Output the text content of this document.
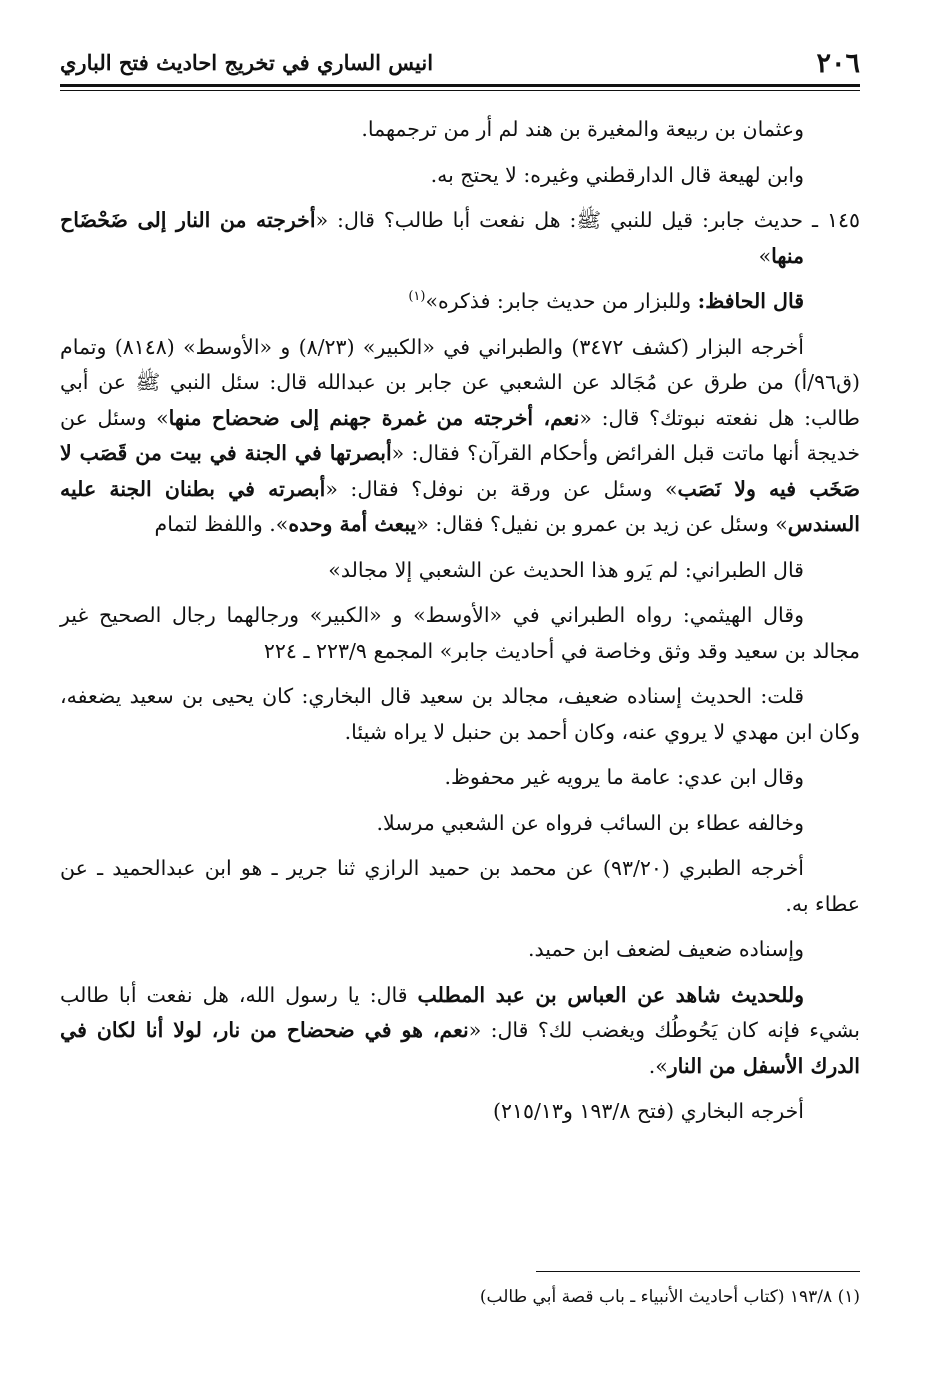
٢٠٦
انيس الساري في تخريج احاديث فتح الباري

وعثمان بن ربيعة والمغيرة بن هند لم أر من ترجمهما.

وابن لهيعة قال الدارقطني وغيره: لا يحتج به.

١٤٥ ـ حديث جابر: قيل للنبي ﷺ: هل نفعت أبا طالب؟ قال: «أخرجته من النار إلى ضَحْضَاح منها»

قال الحافظ: وللبزار من حديث جابر: فذكره»$^{(١)}$

أخرجه البزار (كشف ٣٤٧٢) والطبراني في «الكبير» (٨/٢٣) و «الأوسط» (٨١٤٨) وتمام (ق٩٦/أ) من طرق عن مُجَالد عن الشعبي عن جابر بن عبدالله قال: سئل النبي ﷺ عن أبي طالب: هل نفعته نبوتك؟ قال: «نعم، أخرجته من غمرة جهنم إلى ضحضاح منها» وسئل عن خديجة أنها ماتت قبل الفرائض وأحكام القرآن؟ فقال: «أبصرتها في الجنة في بيت من قَصَب لا صَخَب فيه ولا نَصَب» وسئل عن ورقة بن نوفل؟ فقال: «أبصرته في بطنان الجنة عليه السندس» وسئل عن زيد بن عمرو بن نفيل؟ فقال: «يبعث أمة وحده». واللفظ لتمام

قال الطبراني: لم يَرو هذا الحديث عن الشعبي إلا مجالد»

وقال الهيثمي: رواه الطبراني في «الأوسط» و «الكبير» ورجالهما رجال الصحيح غير مجالد بن سعيد وقد وثق وخاصة في أحاديث جابر» المجمع ٢٢٣/٩ ـ ٢٢٤

قلت: الحديث إسناده ضعيف، مجالد بن سعيد قال البخاري: كان يحيى بن سعيد يضعفه، وكان ابن مهدي لا يروي عنه، وكان أحمد بن حنبل لا يراه شيئا.

وقال ابن عدي: عامة ما يرويه غير محفوظ.

وخالفه عطاء بن السائب فرواه عن الشعبي مرسلا.

أخرجه الطبري (٩٣/٢٠) عن محمد بن حميد الرازي ثنا جرير ـ هو ابن عبدالحميد ـ عن عطاء به.

وإسناده ضعيف لضعف ابن حميد.

وللحديث شاهد عن العباس بن عبد المطلب قال: يا رسول الله، هل نفعت أبا طالب بشيء فإنه كان يَحُوطُك ويغضب لك؟ قال: «نعم، هو في ضحضاح من نار، لولا أنا لكان في الدرك الأسفل من النار».

أخرجه البخاري (فتح ١٩٣/٨ و٢١٥/١٣)

(١) ١٩٣/٨ (كتاب أحاديث الأنبياء ـ باب قصة أبي طالب)
